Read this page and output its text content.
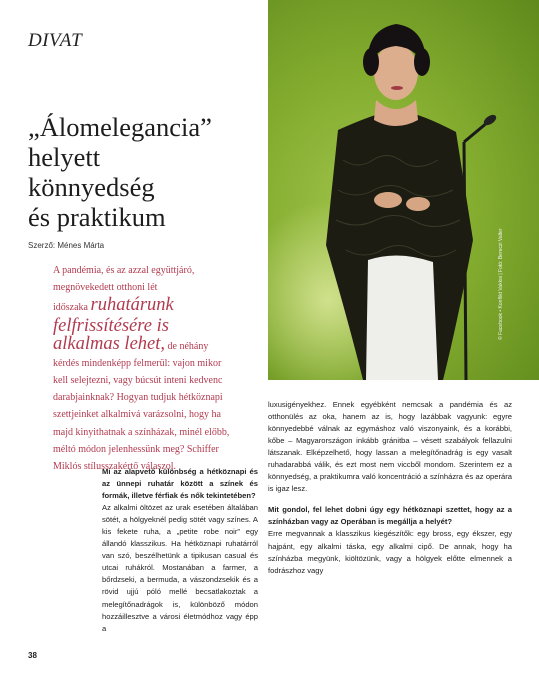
© Facebook • Konflikt Vakkoi | Fotó: Bereczi Valter
DIVAT
„Álomelegancia”
helyett
könnyedség
és praktikum
Szerző: Ménes Márta
A pandémia, és az azzal együttjáró,
megnövekedett otthoni lét
időszaka ruhatárunk
felfrissítésére is
alkalmas lehet, de néhány
kérdés mindenképp felmerül: vajon mikor
kell selejtezni, vagy búcsút inteni kedvenc
darabjainknak? Hogyan tudjuk hétköznapi
szettjeinket alkalmivá varázsolni, hogy ha
majd kinyithatnak a színházak, minél előbb,
méltó módon jelenhessünk meg? Schiffer
Miklós stílusszakértő válaszol.
Mi az alapvető különbség a hétköznapi és az ünnepi ruhatár között a színek és formák, illetve férfiak és nők tekintetében?
Az alkalmi öltözet az urak esetében általában sötét, a hölgyeknél pedig sötét vagy színes. A kis fekete ruha, a „petite robe noir” egy állandó klasszikus. Ha hétköznapi ruhatárról van szó, beszélhetünk a tipikusan casual és utcai ruhákról. Mostanában a farmer, a bőrdzseki, a bermuda, a vászondzsekik és a rövid ujjú póló mellé becsatlakoztak a melegítőnadrágok is, különböző módon hozzáillesztve a városi életmódhoz vagy épp a
luxusigényekhez. Ennek egyébként nemcsak a pandémia és az otthonülés az oka, hanem az is, hogy lazábbak vagyunk: egyre könnyedebbé válnak az egymáshoz való viszonyaink, és a korábbi, kőbe – Magyarországon inkább gránitba – vésett szabályok fellazulni látszanak. Elképzelhető, hogy lassan a melegítőnadrág is egy vasalt ruhadarabbá válik, és ezt most nem viccből mondom. Szerintem ez a könnyedség, a praktikumra való koncentráció a színházra és az operára is igaz lesz.
Mit gondol, fel lehet dobni úgy egy hétköznapi szettet, hogy az a színházban vagy az Operában is megállja a helyét?
Erre megvannak a klasszikus kiegészítők: egy bross, egy ékszer, egy hajpánt, egy alkalmi táska, egy alkalmi cipő. De annak, hogy ha színházba megyünk, kiöltözünk, vagy a hölgyek előtte elmennek a fodrászhoz vagy
38
